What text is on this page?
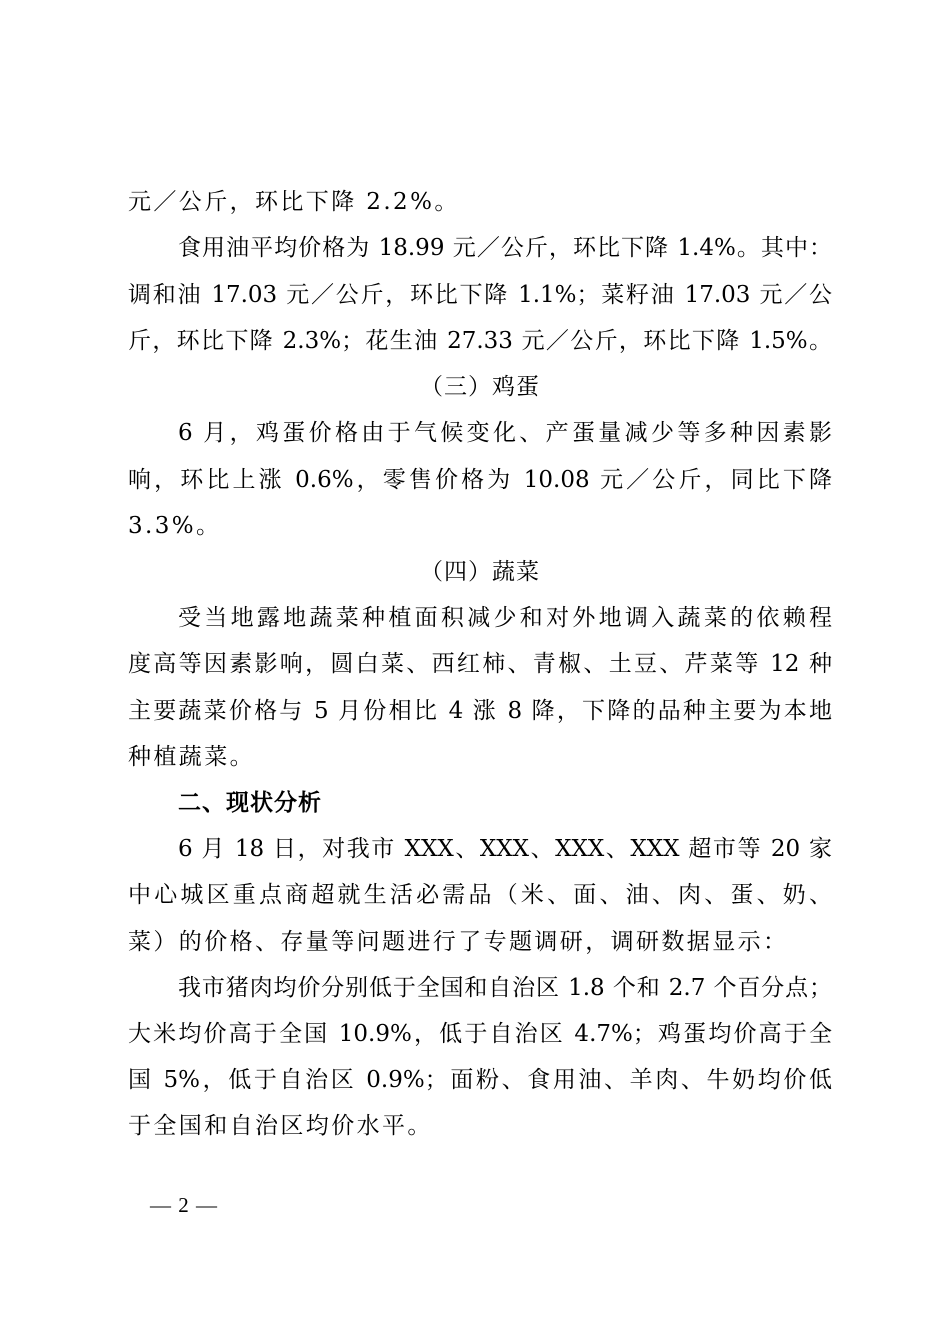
元／公斤，环比下降 2.2%。
食用油平均价格为 18.99 元／公斤，环比下降 1.4%。其中：
调和油 17.03 元／公斤，环比下降 1.1%；菜籽油 17.03 元／公
斤，环比下降 2.3%；花生油 27.33 元／公斤，环比下降 1.5%。
（三）鸡蛋
6 月，鸡蛋价格由于气候变化、产蛋量减少等多种因素影
响，环比上涨 0.6%，零售价格为 10.08 元／公斤，同比下降
3.3%。
（四）蔬菜
受当地露地蔬菜种植面积减少和对外地调入蔬菜的依赖程
度高等因素影响，圆白菜、西红柿、青椒、土豆、芹菜等 12 种
主要蔬菜价格与 5 月份相比 4 涨 8 降，下降的品种主要为本地
种植蔬菜。
二、现状分析
6 月 18 日，对我市 XXX、XXX、XXX、XXX 超市等 20 家
中心城区重点商超就生活必需品（米、面、油、肉、蛋、奶、
菜）的价格、存量等问题进行了专题调研，调研数据显示：
我市猪肉均价分别低于全国和自治区 1.8 个和 2.7 个百分点；
大米均价高于全国 10.9%，低于自治区 4.7%；鸡蛋均价高于全
国 5%，低于自治区 0.9%；面粉、食用油、羊肉、牛奶均价低
于全国和自治区均价水平。
— 2 —
